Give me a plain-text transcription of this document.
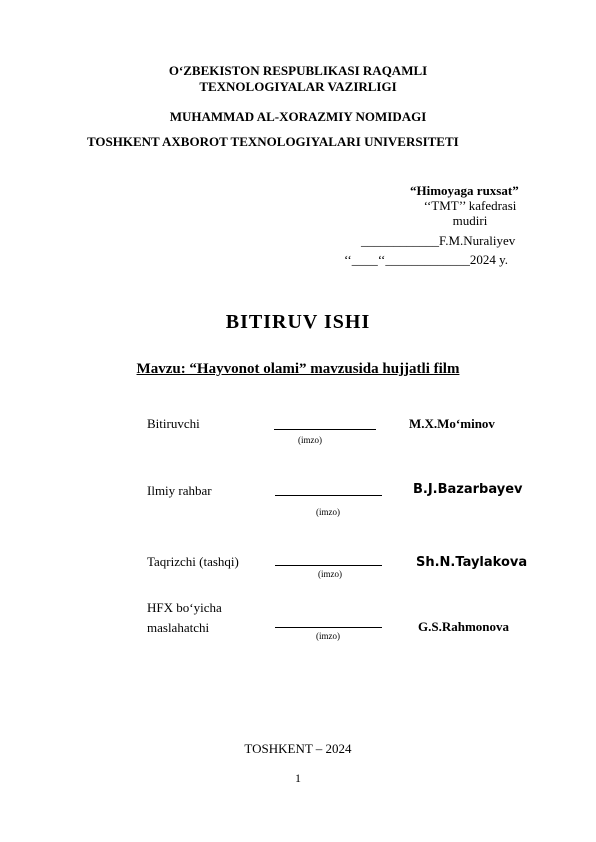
O‘ZBEKISTON RESPUBLIKASI RAQAMLI
TEXNOLOGIYALAR VAZIRLIGI
MUHAMMAD AL-XORAZMIY NOMIDAGI
TOSHKENT AXBOROT TEXNOLOGIYALARI UNIVERSITETI
“Himoyaga ruxsat”
‘‘TMT’’ kafedrasi
mudiri
____________F.M.Nuraliyev
‘‘____‘‘_____________2024 y.
BITIRUV ISHI
Mavzu: “Hayvonot olami” mavzusida hujjatli film
Bitiruvchi
(imzo)
M.X.Mo‘minov
Ilmiy rahbar
(imzo)
B.J.Bazarbayev
Taqrizchi (tashqi)
(imzo)
Sh.N.Taylakova
HFX bo‘yicha
maslahatchi
(imzo)
G.S.Rahmonova
TOSHKENT – 2024
1
